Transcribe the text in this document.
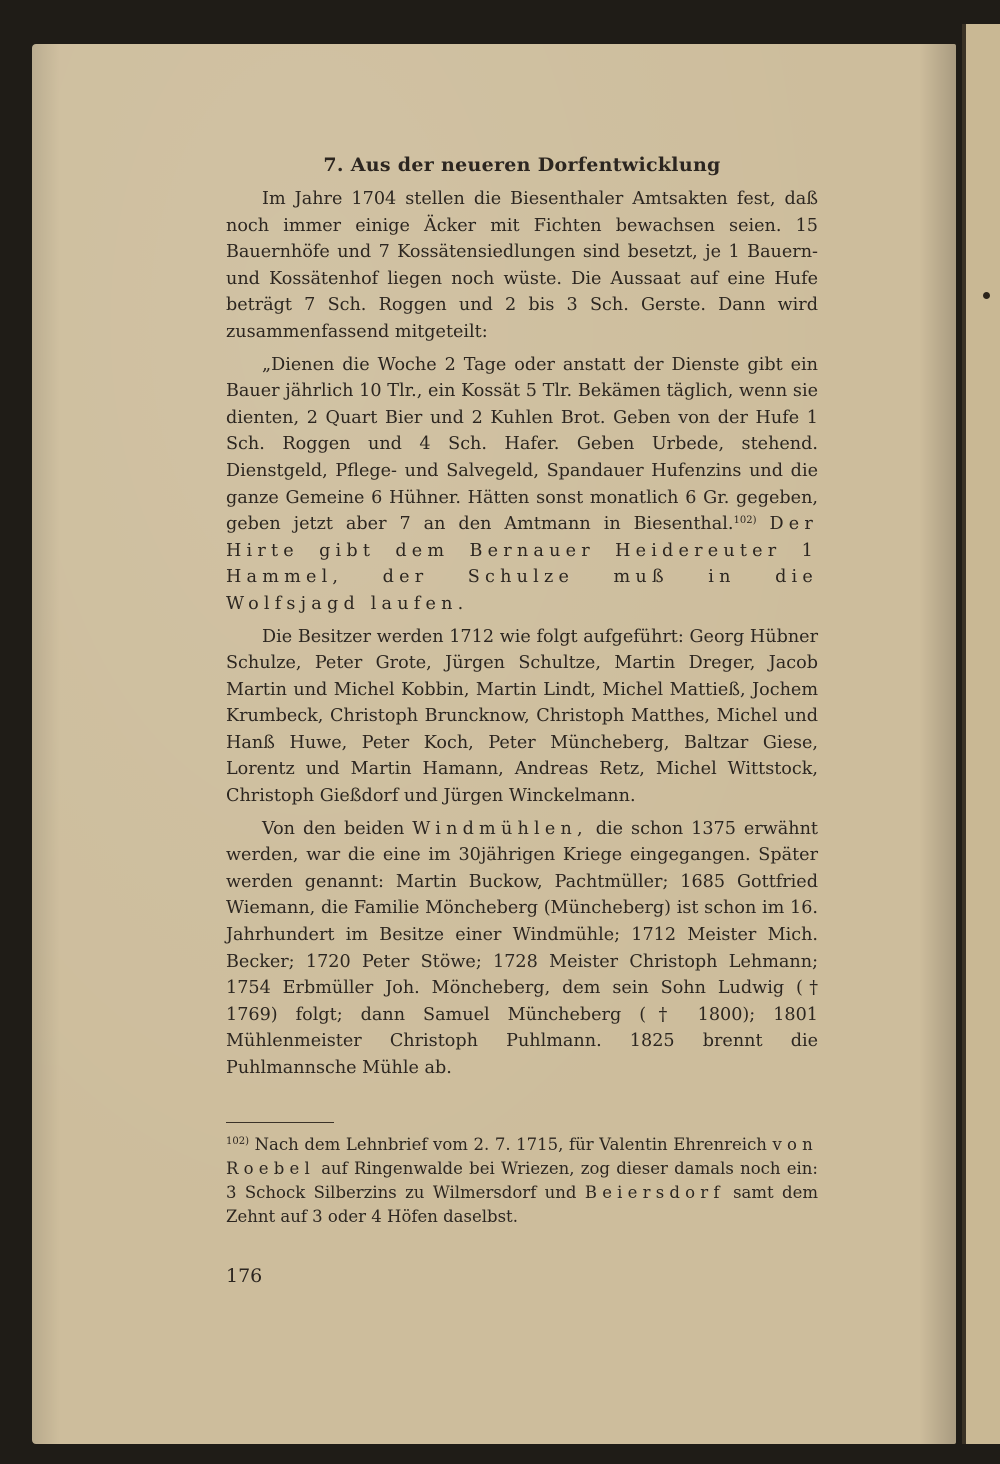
7. Aus der neueren Dorfentwicklung

Im Jahre 1704 stellen die Biesenthaler Amtsakten fest, daß noch immer einige Äcker mit Fichten bewachsen seien. 15 Bauernhöfe und 7 Kossätensiedlungen sind besetzt, je 1 Bauern- und Kossätenhof liegen noch wüste. Die Aussaat auf eine Hufe beträgt 7 Sch. Roggen und 2 bis 3 Sch. Gerste. Dann wird zusammenfassend mitgeteilt:

„Dienen die Woche 2 Tage oder anstatt der Dienste gibt ein Bauer jährlich 10 Tlr., ein Kossät 5 Tlr. Bekämen täglich, wenn sie dienten, 2 Quart Bier und 2 Kuhlen Brot. Geben von der Hufe 1 Sch. Roggen und 4 Sch. Hafer. Geben Urbede, stehend. Dienstgeld, Pflege- und Salvegeld, Spandauer Hufenzins und die ganze Gemeine 6 Hühner. Hätten sonst monatlich 6 Gr. gegeben, geben jetzt aber 7 an den Amtmann in Biesenthal.$^{102)}$ Der Hirte gibt dem Bernauer Heidereuter 1 Hammel, der Schulze muß in die Wolfsjagd laufen.

Die Besitzer werden 1712 wie folgt aufgeführt: Georg Hübner Schulze, Peter Grote, Jürgen Schultze, Martin Dreger, Jacob Martin und Michel Kobbin, Martin Lindt, Michel Mattieß, Jochem Krumbeck, Christoph Bruncknow, Christoph Matthes, Michel und Hanß Huwe, Peter Koch, Peter Müncheberg, Baltzar Giese, Lorentz und Martin Hamann, Andreas Retz, Michel Wittstock, Christoph Gießdorf und Jürgen Winckelmann.

Von den beiden Windmühlen, die schon 1375 erwähnt werden, war die eine im 30jährigen Kriege eingegangen. Später werden genannt: Martin Buckow, Pachtmüller; 1685 Gottfried Wiemann, die Familie Möncheberg (Müncheberg) ist schon im 16. Jahrhundert im Besitze einer Windmühle; 1712 Meister Mich. Becker; 1720 Peter Stöwe; 1728 Meister Christoph Lehmann; 1754 Erbmüller Joh. Möncheberg, dem sein Sohn Ludwig († 1769) folgt; dann Samuel Müncheberg († 1800); 1801 Mühlenmeister Christoph Puhlmann. 1825 brennt die Puhlmannsche Mühle ab.

$^{102)}$ Nach dem Lehnbrief vom 2. 7. 1715, für Valentin Ehrenreich von Roebel auf Ringenwalde bei Wriezen, zog dieser damals noch ein: 3 Schock Silberzins zu Wilmersdorf und Beiersdorf samt dem Zehnt auf 3 oder 4 Höfen daselbst.

176
